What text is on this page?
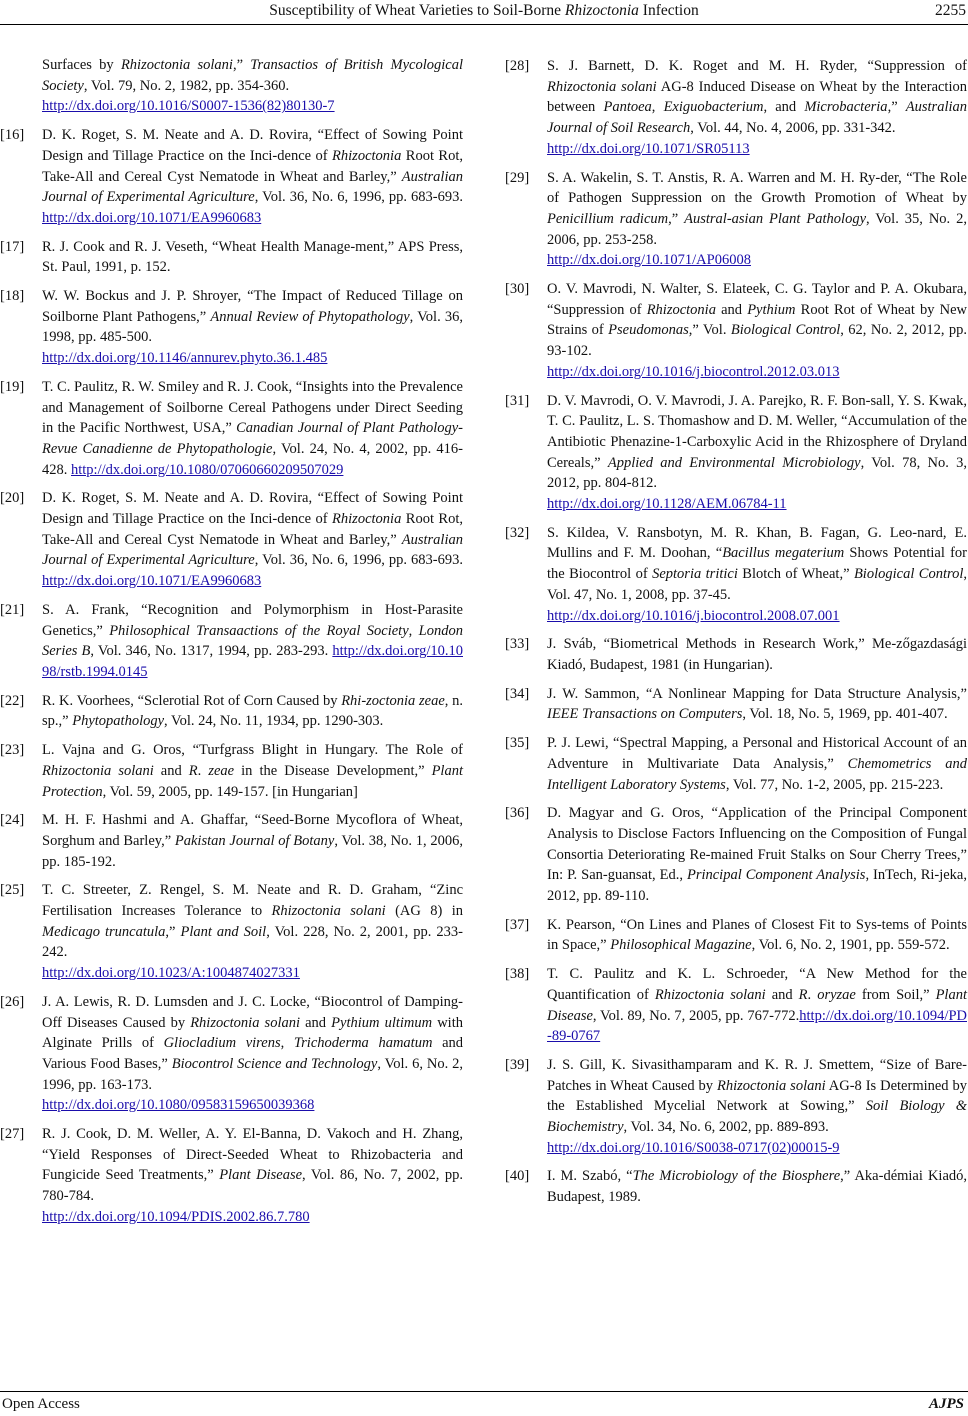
Susceptibility of Wheat Varieties to Soil-Borne Rhizoctonia Infection	2255
Surfaces by Rhizoctonia solani,” Transactios of British Mycological Society, Vol. 79, No. 2, 1982, pp. 354-360.
http://dx.doi.org/10.1016/S0007-1536(82)80130-7
[16] D. K. Roget, S. M. Neate and A. D. Rovira, “Effect of Sowing Point Design and Tillage Practice on the Inci-dence of Rhizoctonia Root Rot, Take-All and Cereal Cyst Nematode in Wheat and Barley,” Australian Journal of Experimental Agriculture, Vol. 36, No. 6, 1996, pp. 683-693. http://dx.doi.org/10.1071/EA9960683
[17] R. J. Cook and R. J. Veseth, “Wheat Health Manage-ment,” APS Press, St. Paul, 1991, p. 152.
[18] W. W. Bockus and J. P. Shroyer, “The Impact of Reduced Tillage on Soilborne Plant Pathogens,” Annual Review of Phytopathology, Vol. 36, 1998, pp. 485-500.
http://dx.doi.org/10.1146/annurev.phyto.36.1.485
[19] T. C. Paulitz, R. W. Smiley and R. J. Cook, “Insights into the Prevalence and Management of Soilborne Cereal Pathogens under Direct Seeding in the Pacific Northwest, USA,” Canadian Journal of Plant Pathology-Revue Canadienne de Phytopathologie, Vol. 24, No. 4, 2002, pp. 416-428. http://dx.doi.org/10.1080/07060660209507029
[20] D. K. Roget, S. M. Neate and A. D. Rovira, “Effect of Sowing Point Design and Tillage Practice on the Inci-dence of Rhizoctonia Root Rot, Take-All and Cereal Cyst Nematode in Wheat and Barley,” Australian Journal of Experimental Agriculture, Vol. 36, No. 6, 1996, pp. 683-693. http://dx.doi.org/10.1071/EA9960683
[21] S. A. Frank, “Recognition and Polymorphism in Host-Parasite Genetics,” Philosophical Transaactions of the Royal Society, London Series B, Vol. 346, No. 1317, 1994, pp. 283-293. http://dx.doi.org/10.1098/rstb.1994.0145
[22] R. K. Voorhees, “Sclerotial Rot of Corn Caused by Rhi-zoctonia zeae, n. sp.,” Phytopathology, Vol. 24, No. 11, 1934, pp. 1290-303.
[23] L. Vajna and G. Oros, “Turfgrass Blight in Hungary. The Role of Rhizoctonia solani and R. zeae in the Disease Development,” Plant Protection, Vol. 59, 2005, pp. 149-157. [in Hungarian]
[24] M. H. F. Hashmi and A. Ghaffar, “Seed-Borne Mycoflora of Wheat, Sorghum and Barley,” Pakistan Journal of Botany, Vol. 38, No. 1, 2006, pp. 185-192.
[25] T. C. Streeter, Z. Rengel, S. M. Neate and R. D. Graham, “Zinc Fertilisation Increases Tolerance to Rhizoctonia solani (AG 8) in Medicago truncatula,” Plant and Soil, Vol. 228, No. 2, 2001, pp. 233-242.
http://dx.doi.org/10.1023/A:1004874027331
[26] J. A. Lewis, R. D. Lumsden and J. C. Locke, “Biocontrol of Damping-Off Diseases Caused by Rhizoctonia solani and Pythium ultimum with Alginate Prills of Gliocladium virens, Trichoderma hamatum and Various Food Bases,” Biocontrol Science and Technology, Vol. 6, No. 2, 1996, pp. 163-173.
http://dx.doi.org/10.1080/09583159650039368
[27] R. J. Cook, D. M. Weller, A. Y. El-Banna, D. Vakoch and H. Zhang, “Yield Responses of Direct-Seeded Wheat to Rhizobacteria and Fungicide Seed Treatments,” Plant Disease, Vol. 86, No. 7, 2002, pp. 780-784.
http://dx.doi.org/10.1094/PDIS.2002.86.7.780
[28] S. J. Barnett, D. K. Roget and M. H. Ryder, “Suppression of Rhizoctonia solani AG-8 Induced Disease on Wheat by the Interaction between Pantoea, Exiguobacterium, and Microbacteria,” Australian Journal of Soil Research, Vol. 44, No. 4, 2006, pp. 331-342.
http://dx.doi.org/10.1071/SR05113
[29] S. A. Wakelin, S. T. Anstis, R. A. Warren and M. H. Ry-der, “The Role of Pathogen Suppression on the Growth Promotion of Wheat by Penicillium radicum,” Austral-asian Plant Pathology, Vol. 35, No. 2, 2006, pp. 253-258.
http://dx.doi.org/10.1071/AP06008
[30] O. V. Mavrodi, N. Walter, S. Elateek, C. G. Taylor and P. A. Okubara, “Suppression of Rhizoctonia and Pythium Root Rot of Wheat by New Strains of Pseudomonas,” Vol. Biological Control, 62, No. 2, 2012, pp. 93-102.
http://dx.doi.org/10.1016/j.biocontrol.2012.03.013
[31] D. V. Mavrodi, O. V. Mavrodi, J. A. Parejko, R. F. Bon-sall, Y. S. Kwak, T. C. Paulitz, L. S. Thomashow and D. M. Weller, “Accumulation of the Antibiotic Phenazine-1-Carboxylic Acid in the Rhizosphere of Dryland Cereals,” Applied and Environmental Microbiology, Vol. 78, No. 3, 2012, pp. 804-812.
http://dx.doi.org/10.1128/AEM.06784-11
[32] S. Kildea, V. Ransbotyn, M. R. Khan, B. Fagan, G. Leo-nard, E. Mullins and F. M. Doohan, “Bacillus megaterium Shows Potential for the Biocontrol of Septoria tritici Blotch of Wheat,” Biological Control, Vol. 47, No. 1, 2008, pp. 37-45.
http://dx.doi.org/10.1016/j.biocontrol.2008.07.001
[33] J. Sváb, “Biometrical Methods in Research Work,” Me-zőgazdasági Kiadó, Budapest, 1981 (in Hungarian).
[34] J. W. Sammon, “A Nonlinear Mapping for Data Structure Analysis,” IEEE Transactions on Computers, Vol. 18, No. 5, 1969, pp. 401-407.
[35] P. J. Lewi, “Spectral Mapping, a Personal and Historical Account of an Adventure in Multivariate Data Analysis,” Chemometrics and Intelligent Laboratory Systems, Vol. 77, No. 1-2, 2005, pp. 215-223.
[36] D. Magyar and G. Oros, “Application of the Principal Component Analysis to Disclose Factors Influencing on the Composition of Fungal Consortia Deteriorating Re-mained Fruit Stalks on Sour Cherry Trees,” In: P. San-guansat, Ed., Principal Component Analysis, InTech, Ri-jeka, 2012, pp. 89-110.
[37] K. Pearson, “On Lines and Planes of Closest Fit to Sys-tems of Points in Space,” Philosophical Magazine, Vol. 6, No. 2, 1901, pp. 559-572.
[38] T. C. Paulitz and K. L. Schroeder, “A New Method for the Quantification of Rhizoctonia solani and R. oryzae from Soil,” Plant Disease, Vol. 89, No. 7, 2005, pp. 767-772.http://dx.doi.org/10.1094/PD-89-0767
[39] J. S. Gill, K. Sivasithamparam and K. R. J. Smettem, “Size of Bare-Patches in Wheat Caused by Rhizoctonia solani AG-8 Is Determined by the Established Mycelial Network at Sowing,” Soil Biology & Biochemistry, Vol. 34, No. 6, 2002, pp. 889-893.
http://dx.doi.org/10.1016/S0038-0717(02)00015-9
[40] I. M. Szabó, “The Microbiology of the Biosphere,” Aka-démiai Kiadó, Budapest, 1989.
Open Access	AJPS
